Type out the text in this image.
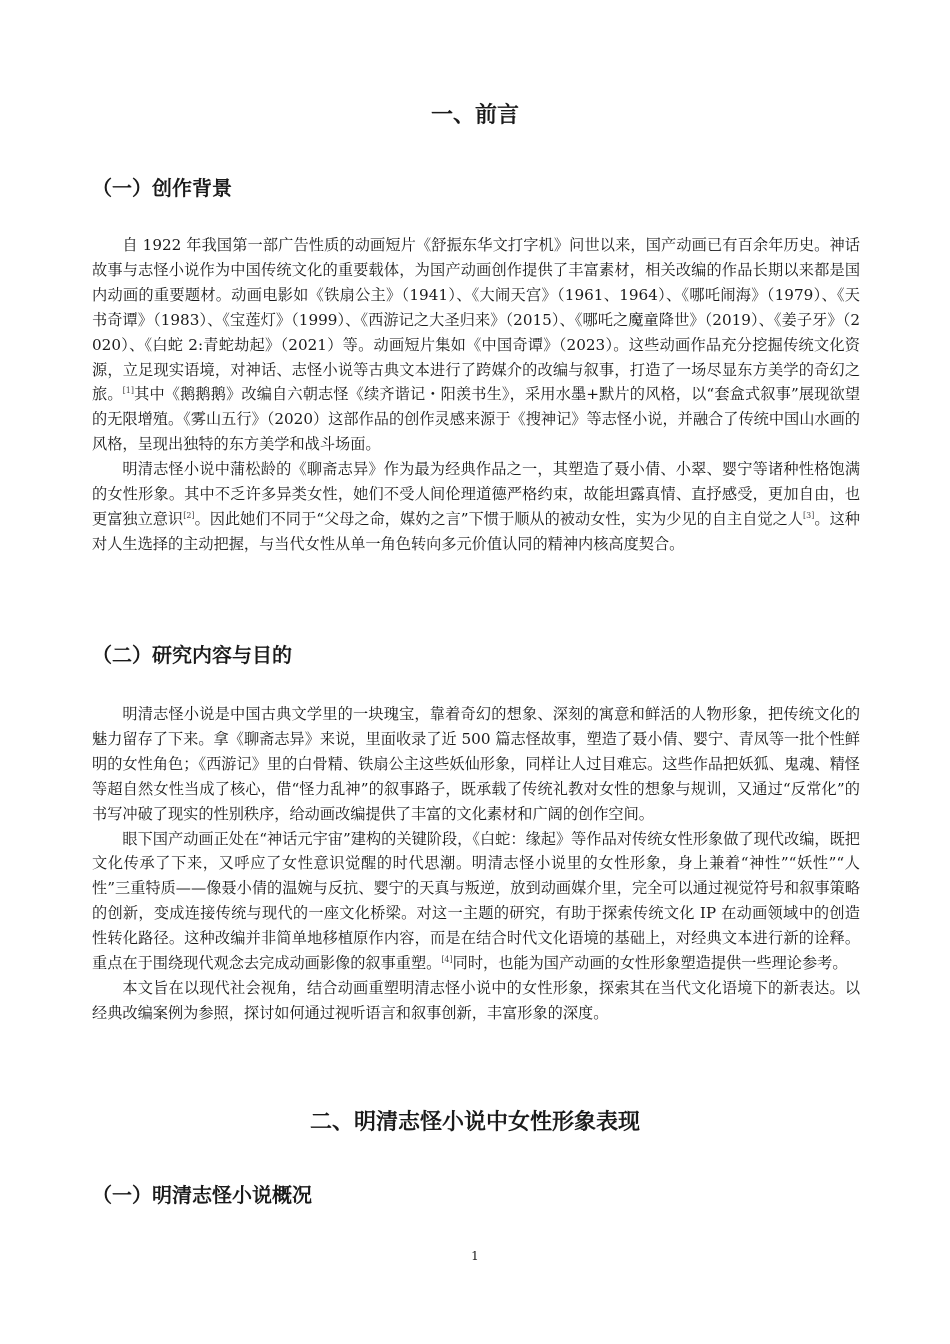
一、前言
（一）创作背景

自 1922 年我国第一部广告性质的动画短片《舒振东华文打字机》问世以来，国产动画已有百余年历史。神话故事与志怪小说作为中国传统文化的重要载体，为国产动画创作提供了丰富素材，相关改编的作品长期以来都是国内动画的重要题材。动画电影如《铁扇公主》（1941）、《大闹天宫》（1961、1964）、《哪吒闹海》（1979）、《天书奇谭》（1983）、《宝莲灯》（1999）、《西游记之大圣归来》（2015）、《哪吒之魔童降世》（2019）、《姜子牙》（2020）、《白蛇 2:青蛇劫起》（2021）等。动画短片集如《中国奇谭》（2023）。这些动画作品充分挖掘传统文化资源，立足现实语境，对神话、志怪小说等古典文本进行了跨媒介的改编与叙事，打造了一场尽显东方美学的奇幻之旅。[1]其中《鹅鹅鹅》改编自六朝志怪《续齐谐记・阳羡书生》，采用水墨+默片的风格，以“套盒式叙事”展现欲望的无限增殖。《雾山五行》（2020）这部作品的创作灵感来源于《搜神记》等志怪小说，并融合了传统中国山水画的风格，呈现出独特的东方美学和战斗场面。

明清志怪小说中蒲松龄的《聊斋志异》作为最为经典作品之一，其塑造了聂小倩、小翠、婴宁等诸种性格饱满的女性形象。其中不乏许多异类女性，她们不受人间伦理道德严格约束，故能坦露真情、直抒感受，更加自由，也更富独立意识[2]。因此她们不同于“父母之命，媒妁之言”下惯于顺从的被动女性，实为少见的自主自觉之人[3]。这种对人生选择的主动把握，与当代女性从单一角色转向多元价值认同的精神内核高度契合。

（二）研究内容与目的

明清志怪小说是中国古典文学里的一块瑰宝，靠着奇幻的想象、深刻的寓意和鲜活的人物形象，把传统文化的魅力留存了下来。拿《聊斋志异》来说，里面收录了近 500 篇志怪故事，塑造了聂小倩、婴宁、青凤等一批个性鲜明的女性角色；《西游记》里的白骨精、铁扇公主这些妖仙形象，同样让人过目难忘。这些作品把妖狐、鬼魂、精怪等超自然女性当成了核心，借“怪力乱神”的叙事路子，既承载了传统礼教对女性的想象与规训，又通过“反常化”的书写冲破了现实的性别秩序，给动画改编提供了丰富的文化素材和广阔的创作空间。

眼下国产动画正处在“神话元宇宙”建构的关键阶段，《白蛇：缘起》等作品对传统女性形象做了现代改编，既把文化传承了下来，又呼应了女性意识觉醒的时代思潮。明清志怪小说里的女性形象，身上兼着“神性”“妖性”“人性”三重特质——像聂小倩的温婉与反抗、婴宁的天真与叛逆，放到动画媒介里，完全可以通过视觉符号和叙事策略的创新，变成连接传统与现代的一座文化桥梁。对这一主题的研究，有助于探索传统文化 IP 在动画领域中的创造性转化路径。这种改编并非简单地移植原作内容，而是在结合时代文化语境的基础上，对经典文本进行新的诠释。重点在于围绕现代观念去完成动画影像的叙事重塑。[4]同时，也能为国产动画的女性形象塑造提供一些理论参考。

本文旨在以现代社会视角，结合动画重塑明清志怪小说中的女性形象，探索其在当代文化语境下的新表达。以经典改编案例为参照，探讨如何通过视听语言和叙事创新，丰富形象的深度。

二、明清志怪小说中女性形象表现
（一）明清志怪小说概况
1
